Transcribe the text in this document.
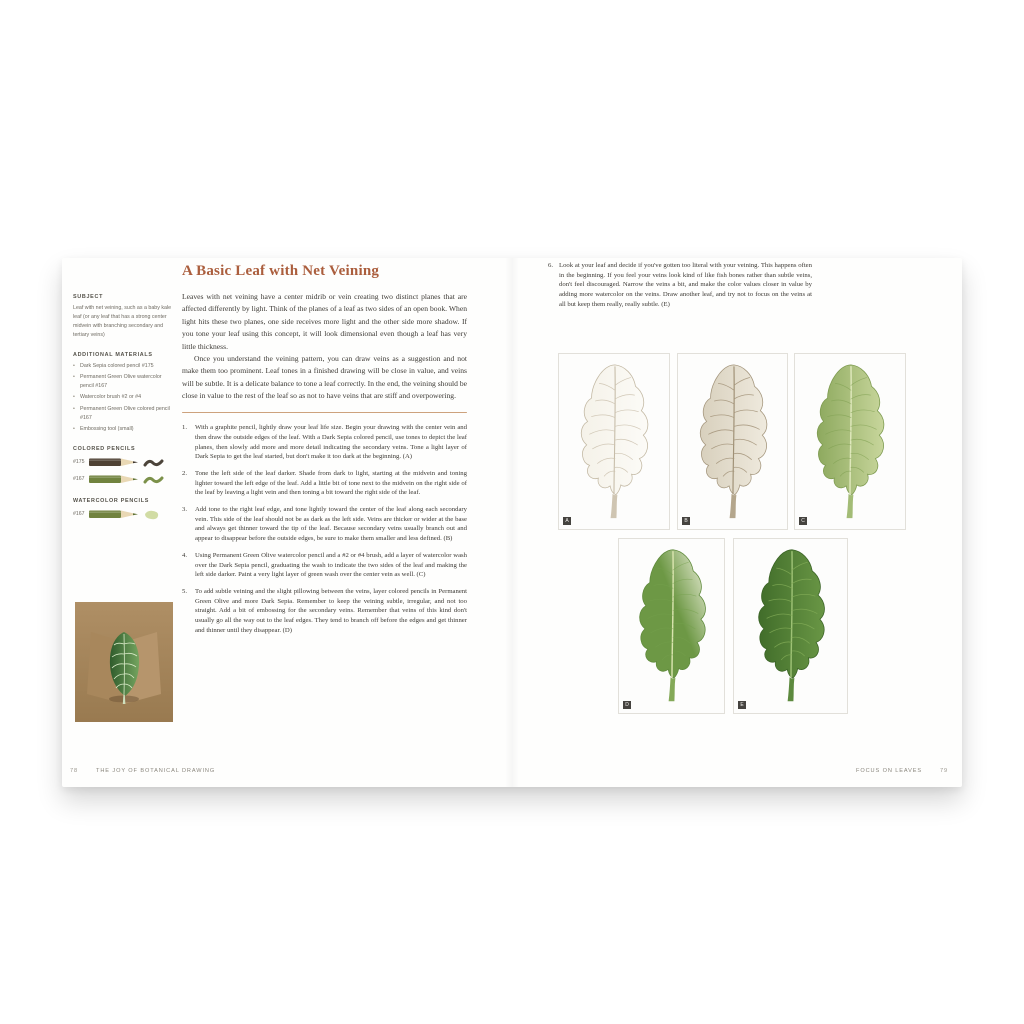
SUBJECT

Leaf with net veining, such as a baby kale leaf (or any leaf that has a strong center midvein with branching secondary and tertiary veins)

ADDITIONAL MATERIALS
• Dark Sepia colored pencil #175
• Permanent Green Olive watercolor pencil #167
• Watercolor brush #2 or #4
• Permanent Green Olive colored pencil #167
• Embossing tool (small)
COLORED PENCILS
#175
#167
WATERCOLOR PENCILS
#167
A Basic Leaf with Net Veining

Leaves with net veining have a center midrib or vein creating two distinct planes that are affected differently by light. Think of the planes of a leaf as two sides of an open book. When light hits these two planes, one side receives more light and the other side more shadow. If you tone your leaf using this concept, it will look dimensional even though a leaf has very little thickness.

Once you understand the veining pattern, you can draw veins as a suggestion and not make them too prominent. Leaf tones in a finished drawing will be close in value, and veins will be subtle. It is a delicate balance to tone a leaf correctly. In the end, the veining should be close in value to the rest of the leaf so as not to have veins that are stiff and overpowering.

1. With a graphite pencil, lightly draw your leaf life size. Begin your drawing with the center vein and then draw the outside edges of the leaf. With a Dark Sepia colored pencil, use tones to depict the leaf planes, then slowly add more and more detail indicating the secondary veins. Tone a light layer of Dark Sepia to get the leaf started, but don't make it too dark at the beginning. (A)
2. Tone the left side of the leaf darker. Shade from dark to light, starting at the midvein and toning lighter toward the left edge of the leaf. Add a little bit of tone next to the midvein on the right side of the leaf by leaving a light vein and then toning a bit toward the right side of the leaf.
3. Add tone to the right leaf edge, and tone lightly toward the center of the leaf along each secondary vein. This side of the leaf should not be as dark as the left side. Veins are thicker or wider at the base and always get thinner toward the tip of the leaf. Because secondary veins usually branch out and appear to disappear before the outside edges, be sure to make them smaller and less defined. (B)
4. Using Permanent Green Olive watercolor pencil and a #2 or #4 brush, add a layer of watercolor wash over the Dark Sepia pencil, graduating the wash to indicate the two sides of the leaf and making the left side darker. Paint a very light layer of green wash over the center vein as well. (C)
5. To add subtle veining and the slight pillowing between the veins, layer colored pencils in Permanent Green Olive and more Dark Sepia. Remember to keep the veining subtle, irregular, and not too straight. Add a bit of embossing for the secondary veins. Remember that veins of this kind don't usually go all the way out to the leaf edges. They tend to branch off before the edges and get thinner and thinner until they disappear. (D)
78	THE JOY OF BOTANICAL DRAWING
6. Look at your leaf and decide if you've gotten too literal with your veining. This happens often in the beginning. If you feel your veins look kind of like fish bones rather than subtle veins, don't feel discouraged. Narrow the veins a bit, and make the color values closer in value by adding more watercolor on the veins. Draw another leaf, and try not to focus on the veins at all but keep them really, really subtle. (E)
A	B	C
D	E
FOCUS ON LEAVES	79
